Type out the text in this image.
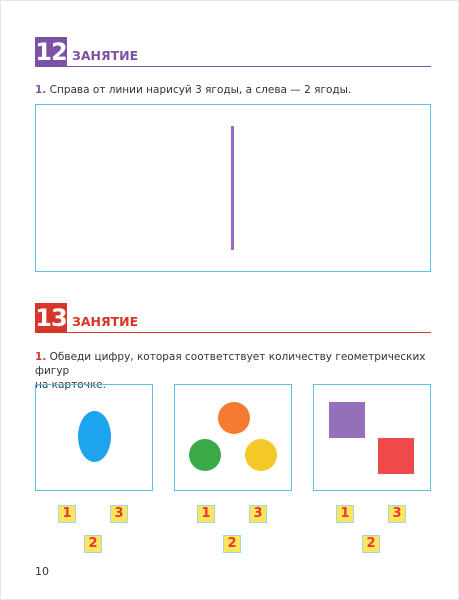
12 ЗАНЯТИЕ
1. Справа от линии нарисуй 3 ягоды, а слева — 2 ягоды.
13 ЗАНЯТИЕ
1. Обведи цифру, которая соответствует количеству геометрических фигур
на карточке.
1	3
2
1	3
2
1	3
2
10
